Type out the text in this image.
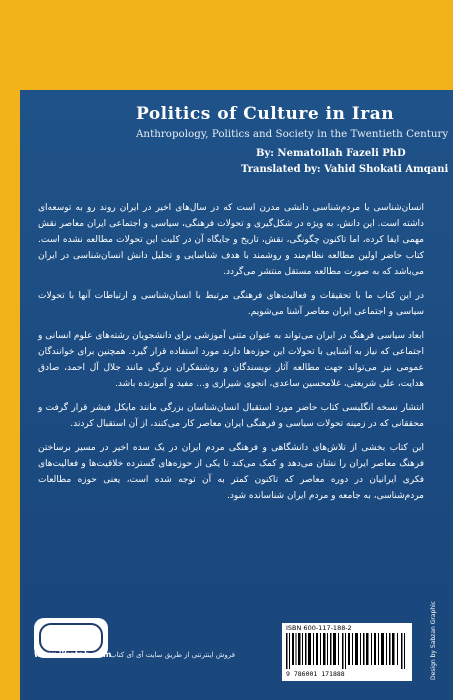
Politics of Culture in Iran
Anthropology, Politics and Society in the Twentieth Century
By: Nematollah Fazeli PhD
Translated by: Vahid Shokati Amqani

انسان‌شناسی یا مردم‌شناسی دانشی مدرن است که در سال‌های اخیر در ایران روند رو به توسعه‌ای داشته است. این دانش، به ویژه در شکل‌گیری و تحولات فرهنگی، سیاسی و اجتماعی ایران معاصر نقش مهمی ایفا کرده، اما تاکنون چگونگی، نقش، تاریخ و جایگاه آن در کلیت این تحولات مطالعه نشده است. کتاب حاضر اولین مطالعه نظام‌مند و روشمند با هدف شناسایی و تحلیل دانش انسان‌شناسی در ایران می‌باشد که به صورت مطالعه مستقل منتشر می‌گردد.

در این کتاب ما با تحقیقات و فعالیت‌های فرهنگی مرتبط با انسان‌شناسی و ارتباطات آنها با تحولات سیاسی و اجتماعی ایران معاصر آشنا می‌شویم.

ابعاد سیاسی فرهنگ در ایران می‌تواند به عنوان متنی آموزشی برای دانشجویان رشته‌های علوم انسانی و اجتماعی که نیاز به آشنایی با تحولات این حوزه‌ها دارند مورد استفاده قرار گیرد. همچنین برای خوانندگان عمومی نیز می‌تواند جهت مطالعه آثار نویسندگان و روشنفکران بزرگی مانند جلال آل احمد، صادق هدایت، علی شریعتی، غلامحسین ساعدی، انجوی شیرازی و... مفید و آموزنده باشد.

انتشار نسخه انگلیسی کتاب حاضر مورد استقبال انسان‌شناسان بزرگی مانند مایکل فیشر قرار گرفت و محققانی که در زمینه تحولات سیاسی و فرهنگی ایران معاصر کار می‌کنند، از آن استقبال کردند.

این کتاب بخشی از تلاش‌های دانشگاهی و فرهنگی مردم ایران در یک سده اخیر در مسیر برساختن فرهنگ معاصر ایران را نشان می‌دهد و کمک می‌کند تا یکی از حوزه‌های گسترده خلاقیت‌ها و فعالیت‌های فکری ایرانیان در دوره معاصر که تاکنون کمتر به آن توجه شده است، یعنی حوزه مطالعات مردم‌شناسی، به جامعه و مردم ایران شناسانده شود.

www.iiketab.com
فروش اینترنتی از طریق سایت آی آی کتاب
ISBN 600-117-188-2
9 786001 171888	Design by Sabzan Graphic
